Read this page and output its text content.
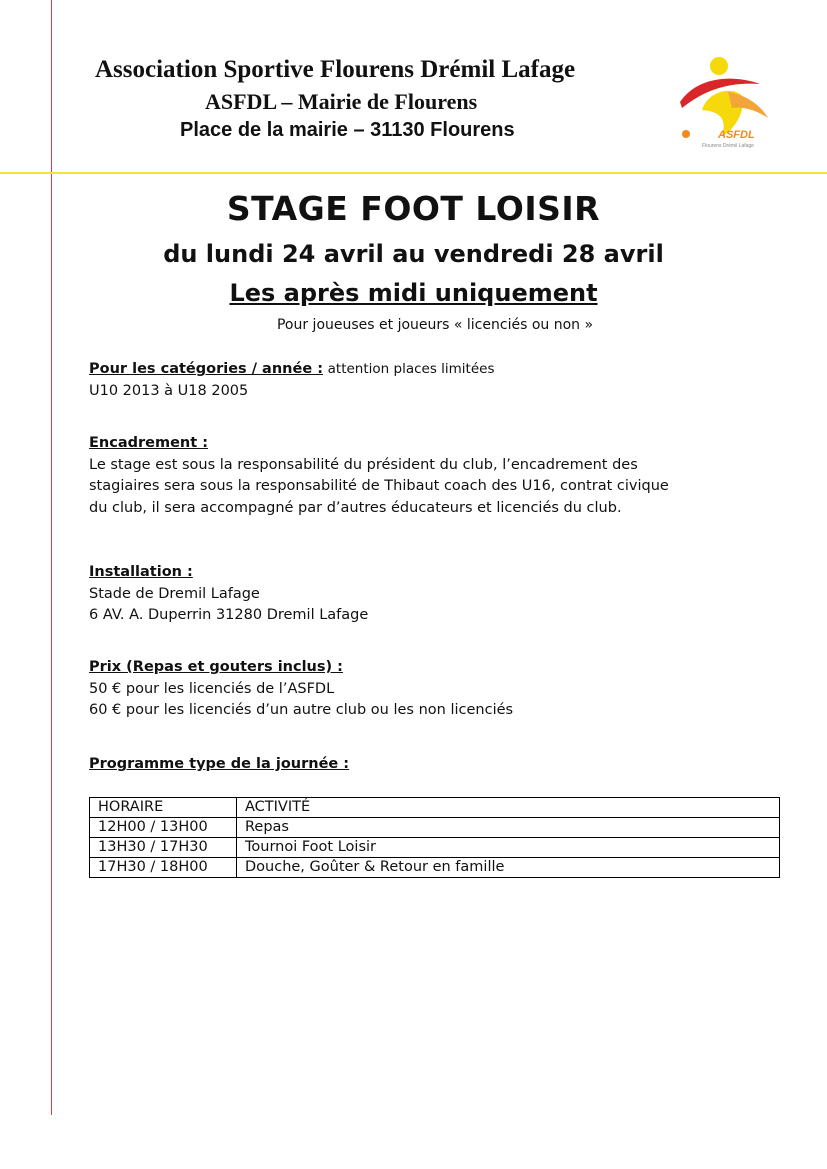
Association Sportive Flourens Drémil Lafage
ASFDL – Mairie de Flourens
Place de la mairie – 31130 Flourens	ASFDL
Flourens Drémil Lafage
STAGE FOOT LOISIR
du lundi 24 avril au vendredi 28 avril
Les après midi uniquement
Pour joueuses et joueurs « licenciés ou non »
Pour les catégories / année : attention places limitées
U10 2013 à U18 2005
Encadrement :
Le stage est sous la responsabilité du président du club, l’encadrement des
stagiaires sera sous la responsabilité de Thibaut coach des U16, contrat civique
du club, il sera accompagné par d’autres éducateurs et licenciés du club.
Installation :
Stade de Dremil Lafage
6 AV. A. Duperrin 31280 Dremil Lafage
Prix (Repas et gouters inclus) :
50 € pour les licenciés de l’ASFDL
60 € pour les licenciés d’un autre club ou les non licenciés
Programme type de la journée :
HORAIRE	ACTIVITÉ
12H00 / 13H00	Repas
13H30 / 17H30	Tournoi Foot Loisir
17H30 / 18H00	Douche, Goûter & Retour en famille
